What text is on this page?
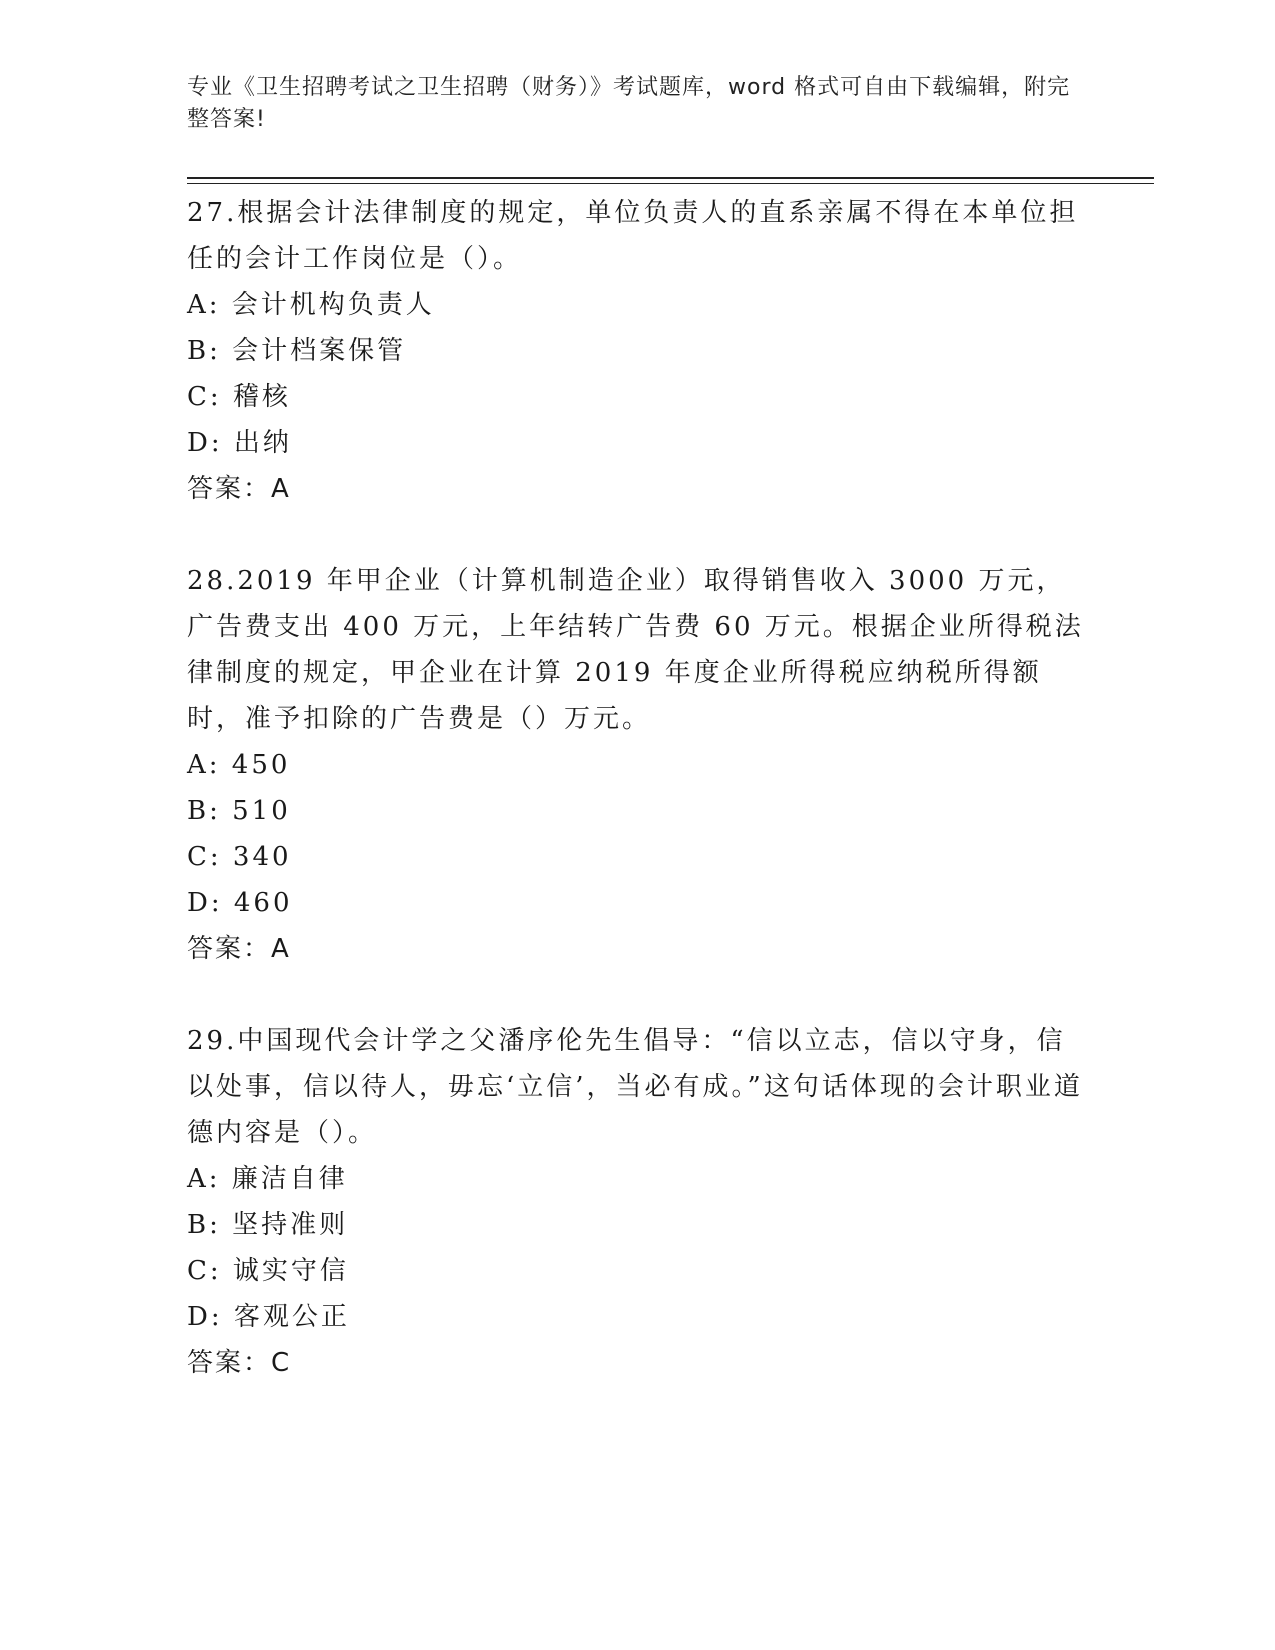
专业《卫生招聘考试之卫生招聘（财务）》考试题库，word 格式可自由下载编辑，附完整答案!
27.根据会计法律制度的规定，单位负责人的直系亲属不得在本单位担任的会计工作岗位是（）。
A: 会计机构负责人
B: 会计档案保管
C: 稽核
D: 出纳
答案：A
28.2019 年甲企业（计算机制造企业）取得销售收入 3000 万元，广告费支出 400 万元，上年结转广告费 60 万元。根据企业所得税法律制度的规定，甲企业在计算 2019 年度企业所得税应纳税所得额时，准予扣除的广告费是（）万元。
A: 450
B: 510
C: 340
D: 460
答案：A
29.中国现代会计学之父潘序伦先生倡导：“信以立志，信以守身，信以处事，信以待人，毋忘‘立信’，当必有成。”这句话体现的会计职业道德内容是（）。
A: 廉洁自律
B: 坚持准则
C: 诚实守信
D: 客观公正
答案：C
